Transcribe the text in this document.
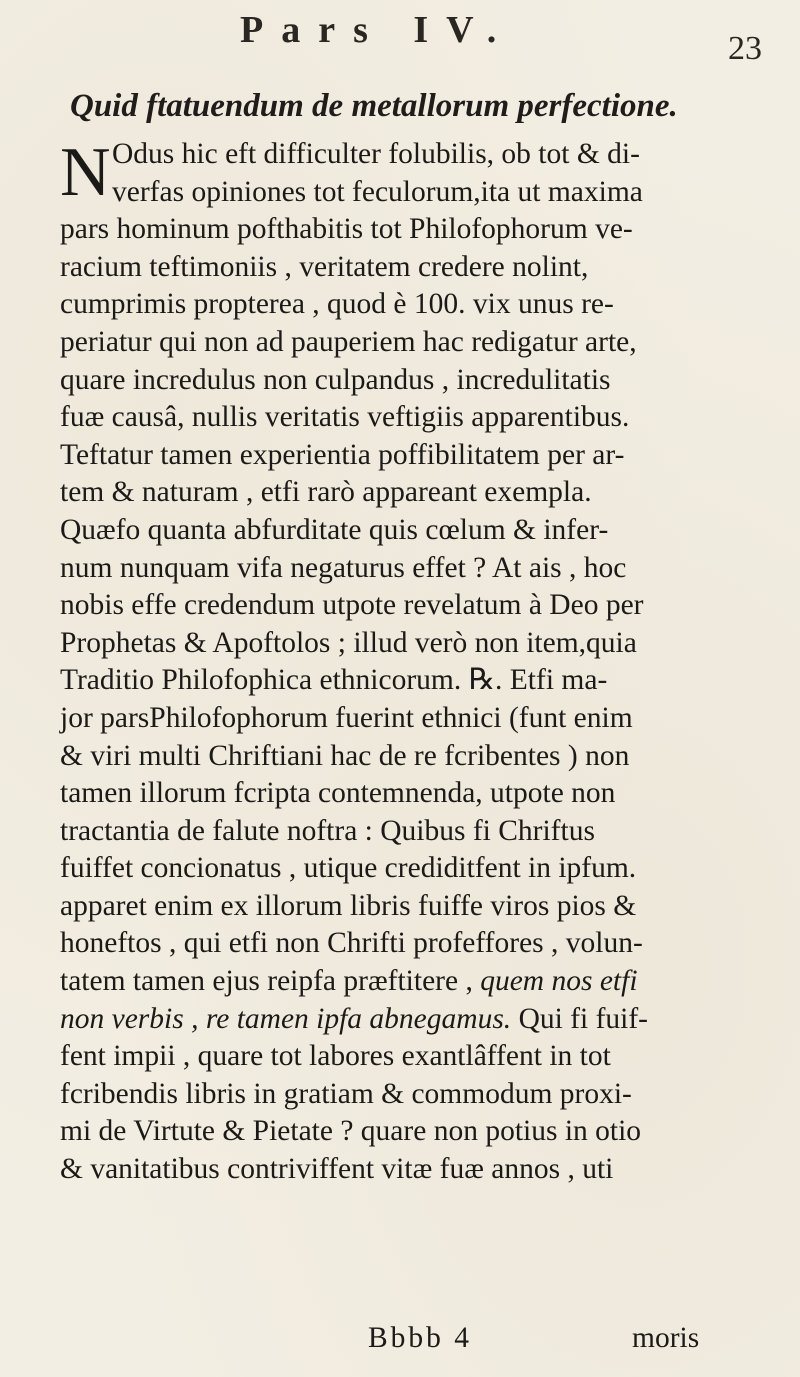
Pars IV.	23
Quid ftatuendum de metallorum perfectione.
N Odus hic eft difficulter folubilis, ob tot & di-
verfas opiniones tot feculorum,ita ut maxima
pars hominum pofthabitis tot Philofophorum ve-
racium teftimoniis , veritatem credere nolint,
cumprimis propterea , quod è 100. vix unus re-
periatur qui non ad pauperiem hac redigatur arte,
quare incredulus non culpandus , incredulitatis
fuæ causâ, nullis veritatis veftigiis apparentibus.
Teftatur tamen experientia poffibilitatem per ar-
tem & naturam , etfi rarò appareant exempla.
Quæfo quanta abfurditate quis cœlum & infer-
num nunquam vifa negaturus effet ? At ais , hoc
nobis effe credendum utpote revelatum à Deo per
Prophetas & Apoftolos ; illud verò non item,quia
Traditio Philofophica ethnicorum. ℞. Etfi ma-
jor parsPhilofophorum fuerint ethnici (funt enim
& viri multi Chriftiani hac de re fcribentes ) non
tamen illorum fcripta contemnenda, utpote non
tractantia de falute noftra : Quibus fi Chriftus
fuiffet concionatus , utique crediditfent in ipfum.
apparet enim ex illorum libris fuiffe viros pios &
honeftos , qui etfi non Chrifti profeffores , volun-
tatem tamen ejus reipfa præftitere , quem nos etfi
non verbis , re tamen ipfa abnegamus. Qui fi fuif-
fent impii , quare tot labores exantlâffent in tot
fcribendis libris in gratiam & commodum proxi-
mi de Virtute & Pietate ? quare non potius in otio
& vanitatibus contriviffent vitæ fuæ annos , uti
Bbbb 4	moris
